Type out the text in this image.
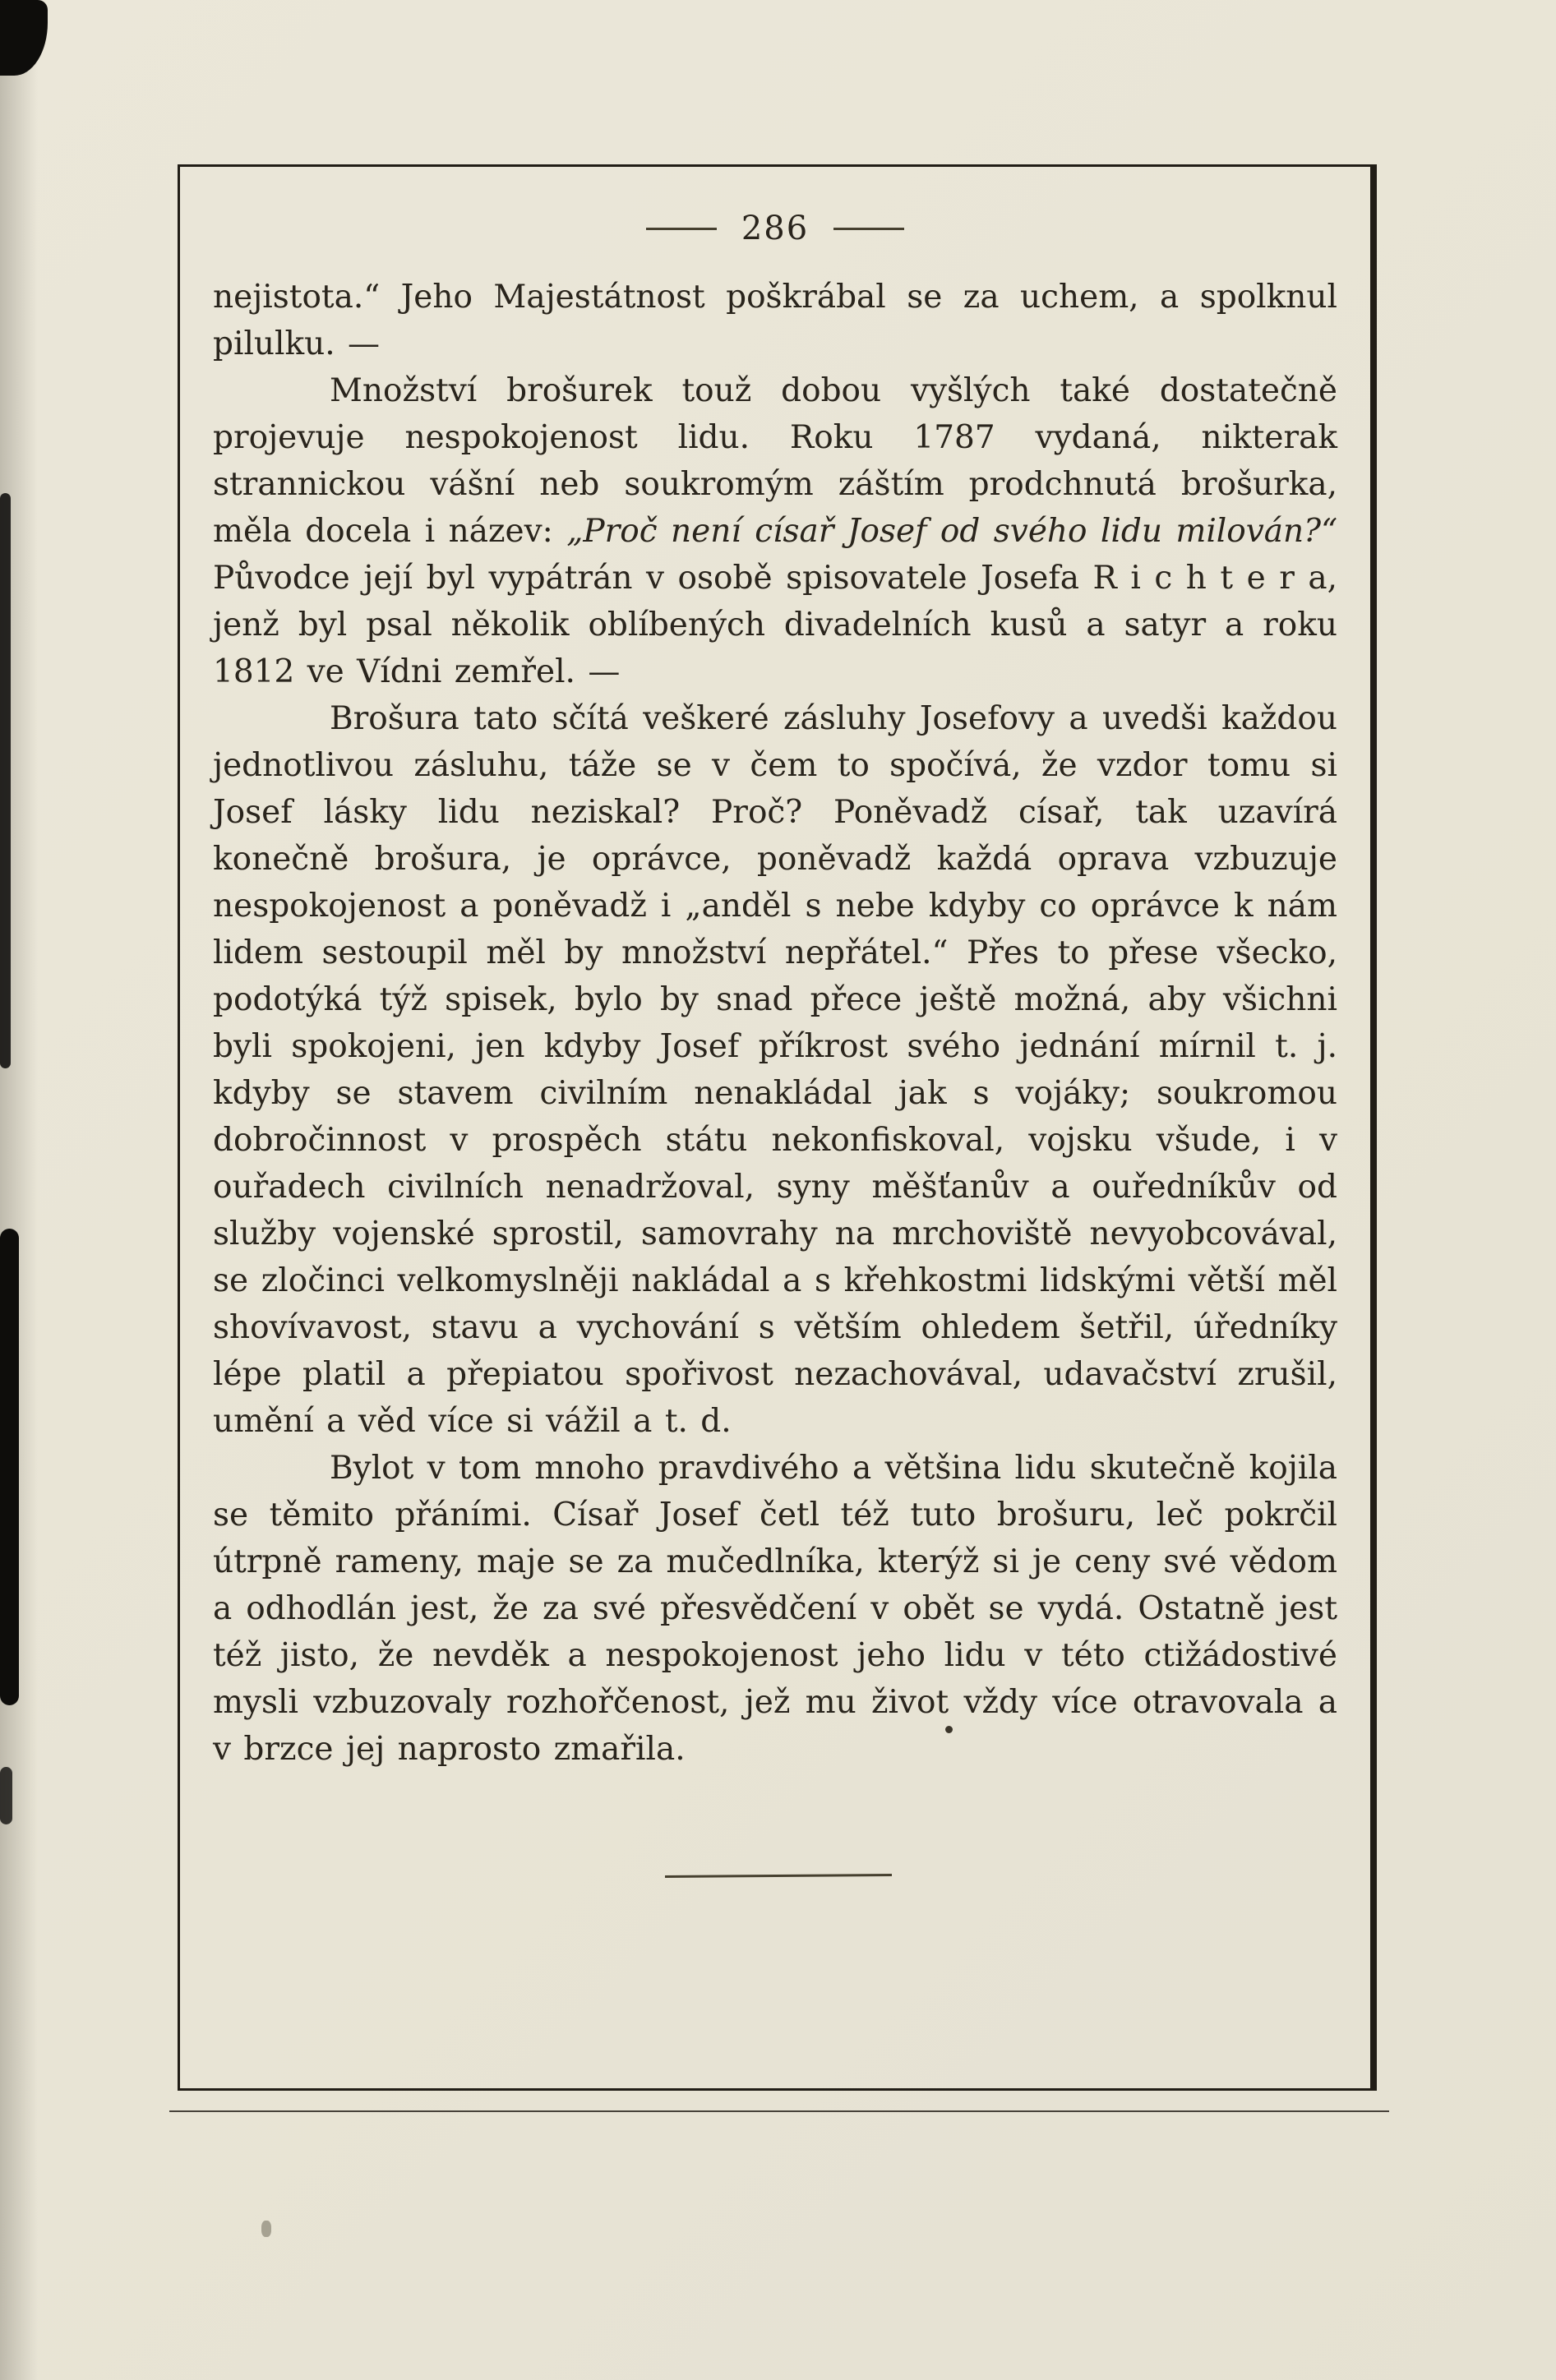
286

nejistota.“ Jeho Majestátnost poškrábal se za uchem, a spolknul pilulku. —

Množství brošurek touž dobou vyšlých také dostatečně projevuje nespokojenost lidu. Roku 1787 vydaná, nikterak strannickou vášní neb soukromým záštím prodchnutá brošurka, měla docela i název: „Proč není císař Josef od svého lidu milován?“ Původce její byl vypátrán v osobě spisovatele Josefa R i c h t e r a, jenž byl psal několik oblíbených divadelních kusů a satyr a roku 1812 ve Vídni zemřel. —

Brošura tato sčítá veškeré zásluhy Josefovy a uvedši každou jednotlivou zásluhu, táže se v čem to spočívá, že vzdor tomu si Josef lásky lidu neziskal? Proč? Poněvadž císař, tak uzavírá konečně brošura, je oprávce, poněvadž každá oprava vzbuzuje nespokojenost a poněvadž i „anděl s nebe kdyby co oprávce k nám lidem sestoupil měl by množství nepřátel.“ Přes to přese všecko, podotýká týž spisek, bylo by snad přece ještě možná, aby všichni byli spokojeni, jen kdyby Josef příkrost svého jednání mírnil t. j. kdyby se stavem civilním nenakládal jak s vojáky; soukromou dobročinnost v prospěch státu nekonfiskoval, vojsku všude, i v ouřadech civilních nenadržoval, syny měšťanův a ouředníkův od služby vojenské sprostil, samovrahy na mrchoviště nevyobcovával, se zločinci velkomyslněji nakládal a s křehkostmi lidskými větší měl shovívavost, stavu a vychování s větším ohledem šetřil, úředníky lépe platil a přepiatou spořivost nezachovával, udavačství zrušil, umění a věd více si vážil a t. d.

Bylot v tom mnoho pravdivého a většina lidu skutečně kojila se těmito přáními. Císař Josef četl též tuto brošuru, leč pokrčil útrpně rameny, maje se za mučedlníka, kterýž si je ceny své vědom a odhodlán jest, že za své přesvědčení v obět se vydá. Ostatně jest též jisto, že nevděk a nespokojenost jeho lidu v této ctižádostivé mysli vzbuzovaly rozhořčenost, jež mu život vždy více otravovala a v brzce jej naprosto zmařila.
